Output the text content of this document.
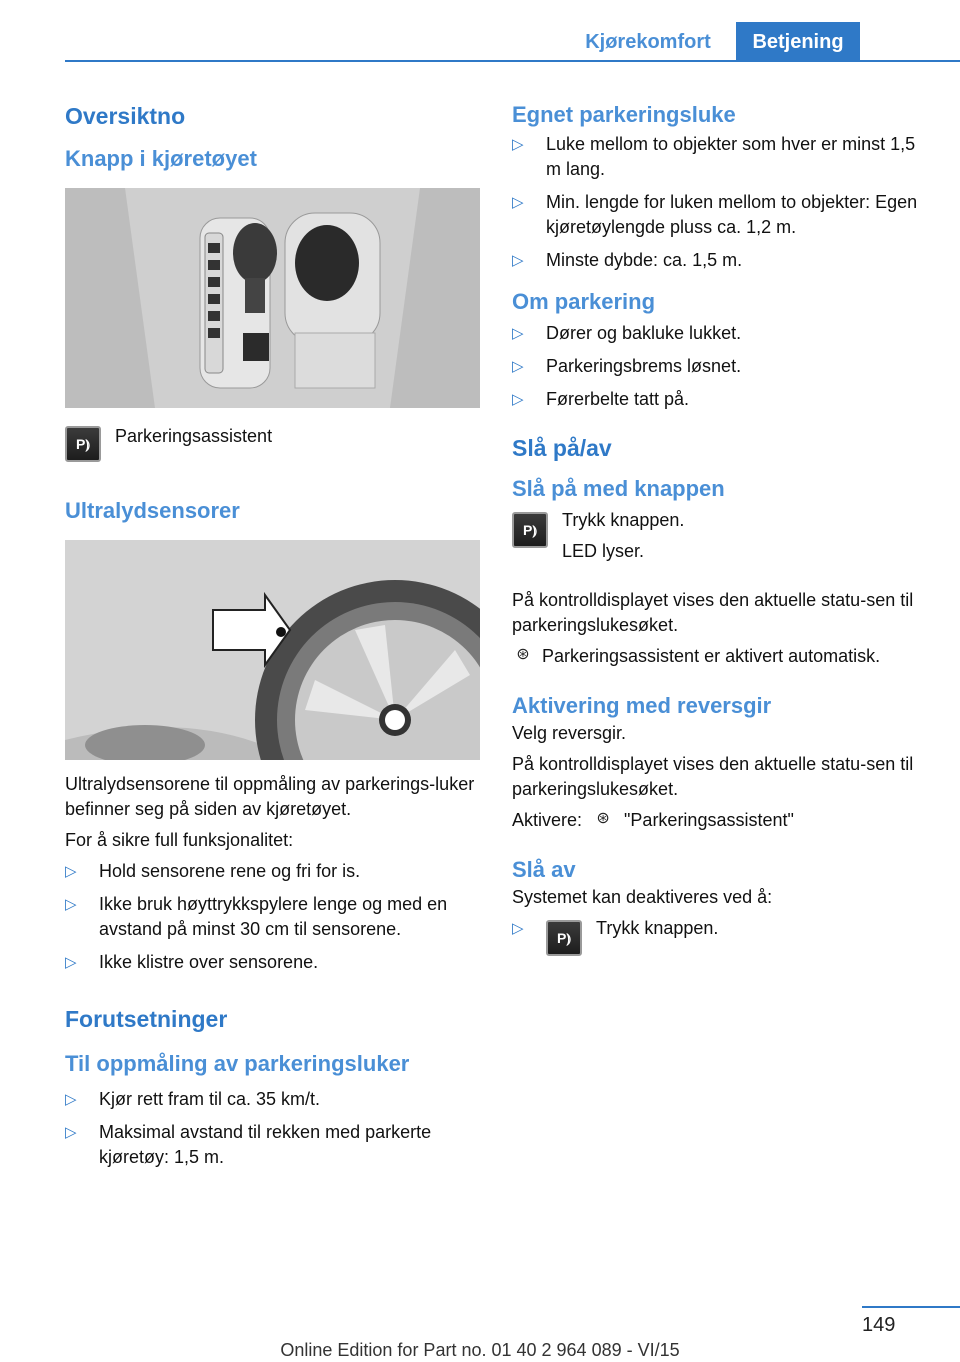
Kjørekomfort	Betjening
Oversiktno
Knapp i kjøretøyet
P⦆	Parkeringsassistent
Ultralydsensorer

Ultralydsensorene til oppmåling av parkerings-luker befinner seg på siden av kjøretøyet.

For å sikre full funksjonalitet:

▷ Hold sensorene rene og fri for is.
▷ Ikke bruk høyttrykkspylere lenge og med en avstand på minst 30 cm til sensorene.
▷ Ikke klistre over sensorene.
Forutsetninger
Til oppmåling av parkeringsluker
▷ Kjør rett fram til ca. 35 km/t.
▷ Maksimal avstand til rekken med parkerte kjøretøy: 1,5 m.
Egnet parkeringsluke
▷ Luke mellom to objekter som hver er minst 1,5 m lang.
▷ Min. lengde for luken mellom to objekter: Egen kjøretøylengde pluss ca. 1,2 m.
▷ Minste dybde: ca. 1,5 m.
Om parkering
▷ Dører og bakluke lukket.
▷ Parkeringsbrems løsnet.
▷ Førerbelte tatt på.
Slå på/av
Slå på med knappen
P⦆	Trykk knappen.
LED lyser.

På kontrolldisplayet vises den aktuelle statu-sen til parkeringslukesøket.

⊛ Parkeringsassistent er aktivert automatisk.
Aktivering med reversgir

Velg reversgir.

På kontrolldisplayet vises den aktuelle statu-sen til parkeringslukesøket.

Aktivere: ⊛ "Parkeringsassistent"
Slå av

Systemet kan deaktiveres ved å:

▷
P⦆	Trykk knappen.
149
Online Edition for Part no. 01 40 2 964 089 - VI/15
